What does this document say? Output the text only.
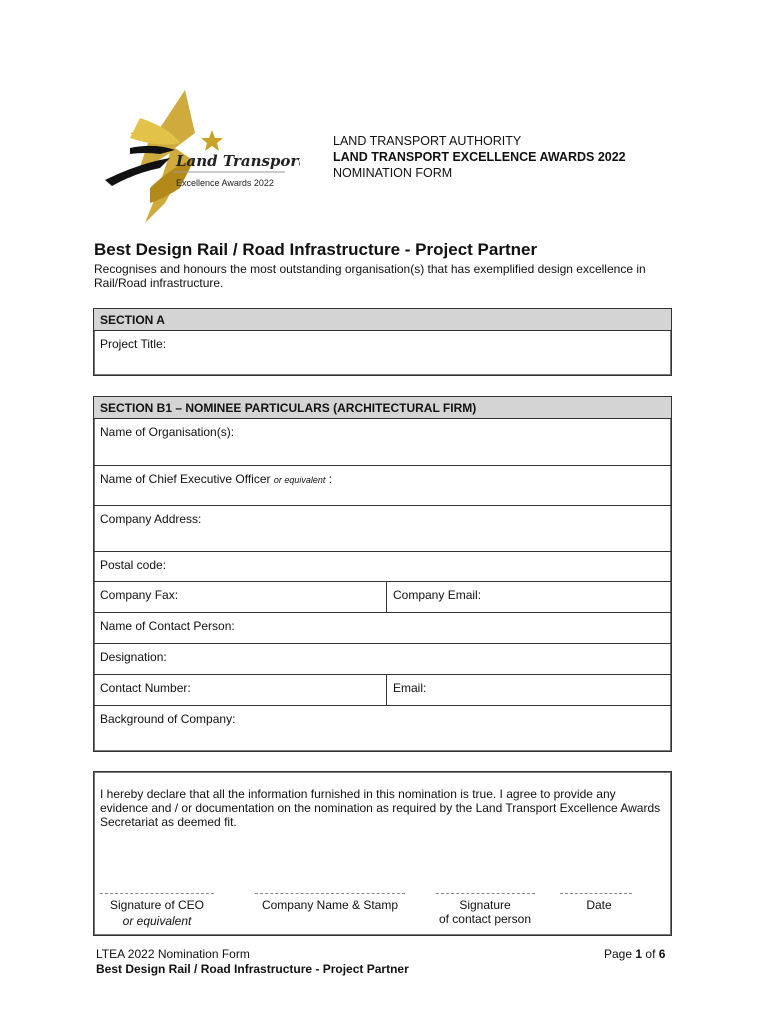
Land Transport
Excellence Awards 2022
LAND TRANSPORT AUTHORITY
LAND TRANSPORT EXCELLENCE AWARDS 2022
NOMINATION FORM
Best Design Rail / Road Infrastructure - Project Partner
Recognises and honours the most outstanding organisation(s) that has exemplified design excellence in Rail/Road infrastructure.
SECTION A
Project Title:
SECTION B1 – NOMINEE PARTICULARS (ARCHITECTURAL FIRM)
Name of Organisation(s):
Name of Chief Executive Officer or equivalent :
Company Address:
Postal code:
Company Fax:	Company Email:
Name of Contact Person:
Designation:
Contact Number:	Email:
Background of Company:
I hereby declare that all the information furnished in this nomination is true. I agree to provide any evidence and / or documentation on the nomination as required by the Land Transport Excellence Awards Secretariat as deemed fit.
Signature of CEO
or equivalent
Company Name & Stamp	Signature
of contact person
Date
LTEA 2022 Nomination Form
Best Design Rail / Road Infrastructure - Project Partner
Page 1 of 6
